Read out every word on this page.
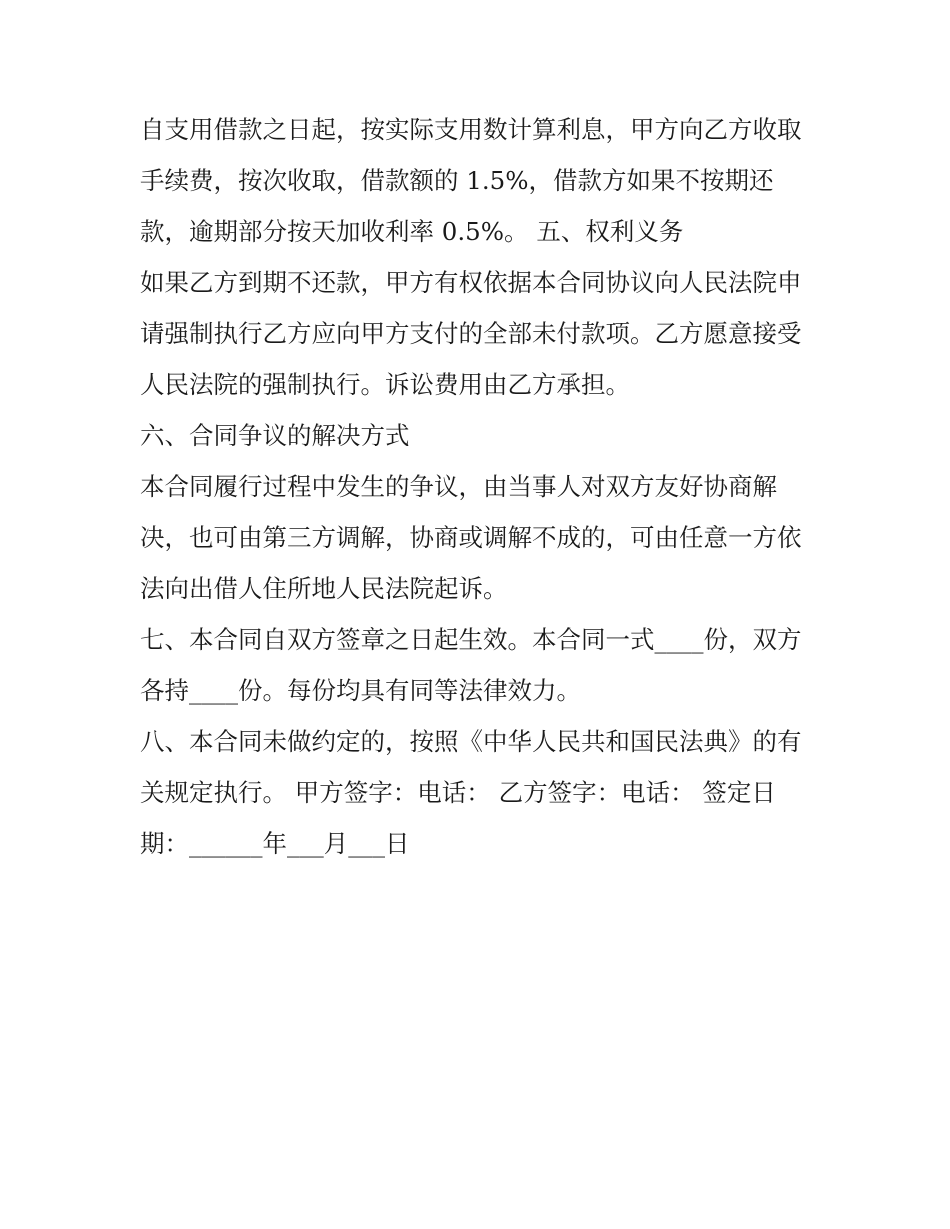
自支用借款之日起，按实际支用数计算利息，甲方向乙方收取
手续费，按次收取，借款额的 1.5%，借款方如果不按期还
款，逾期部分按天加收利率 0.5%。 五、权利义务
如果乙方到期不还款，甲方有权依据本合同协议向人民法院申
请强制执行乙方应向甲方支付的全部未付款项。乙方愿意接受
人民法院的强制执行。诉讼费用由乙方承担。
六、合同争议的解决方式
本合同履行过程中发生的争议，由当事人对双方友好协商解
决，也可由第三方调解，协商或调解不成的，可由任意一方依
法向出借人住所地人民法院起诉。
七、本合同自双方签章之日起生效。本合同一式____份，双方
各持____份。每份均具有同等法律效力。
八、本合同未做约定的，按照《中华人民共和国民法典》的有
关规定执行。 甲方签字：电话： 乙方签字：电话： 签定日
期：______年___月___日
